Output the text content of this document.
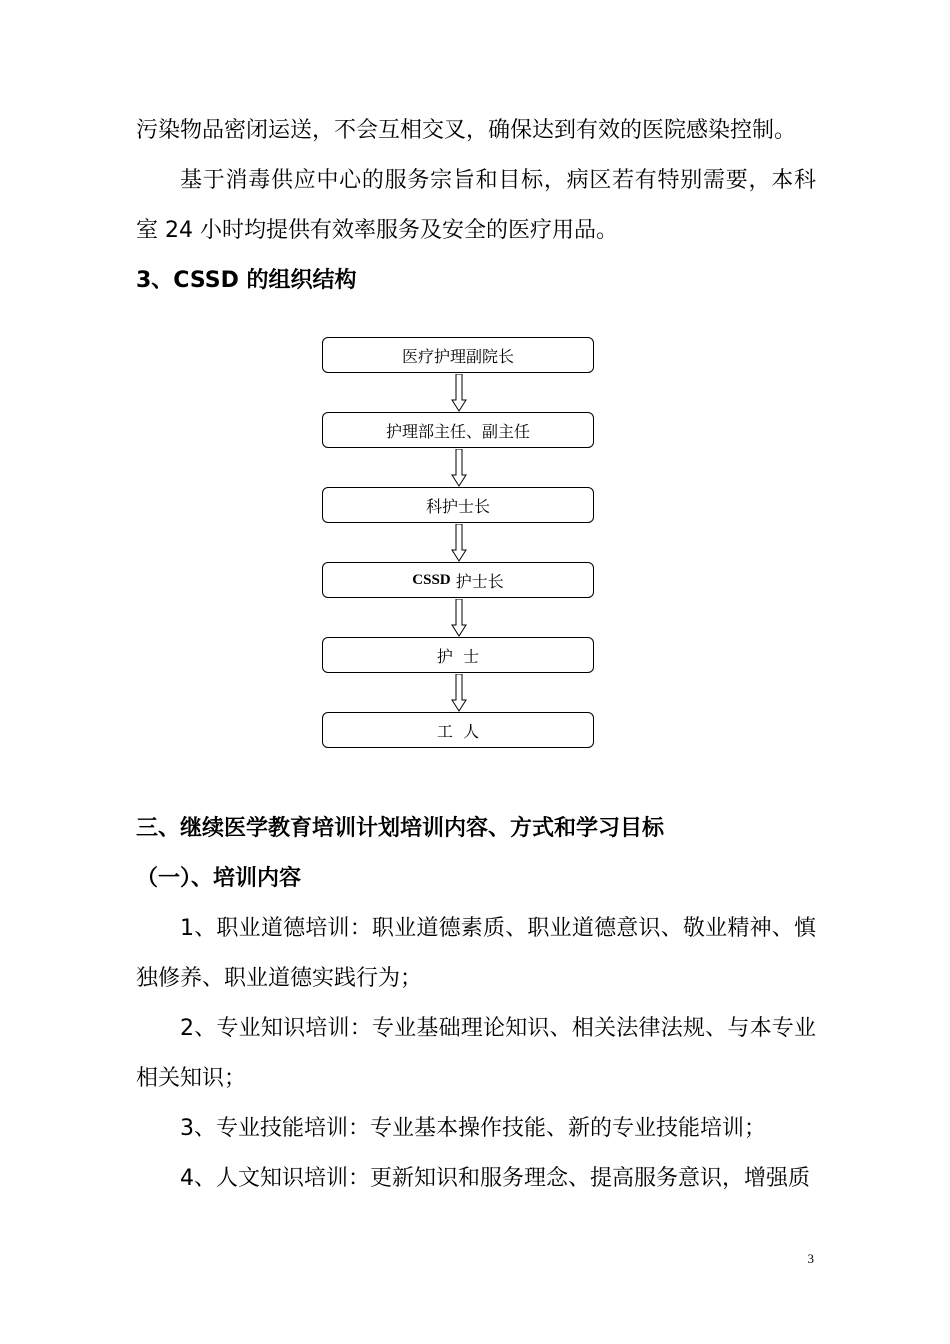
污染物品密闭运送，不会互相交叉，确保达到有效的医院感染控制。

基于消毒供应中心的服务宗旨和目标，病区若有特别需要，本科室 24 小时均提供有效率服务及安全的医疗用品。

3、CSSD 的组织结构

医疗护理副院长
护理部主任、副主任
科护士长
CSSD
护士长
护  士
工  人

三、继续医学教育培训计划培训内容、方式和学习目标

（一）、培训内容

1、职业道德培训：职业道德素质、职业道德意识、敬业精神、慎独修养、职业道德实践行为；

2、专业知识培训：专业基础理论知识、相关法律法规、与本专业相关知识；

3、专业技能培训：专业基本操作技能、新的专业技能培训；

4、人文知识培训：更新知识和服务理念、提高服务意识，增强质

3
